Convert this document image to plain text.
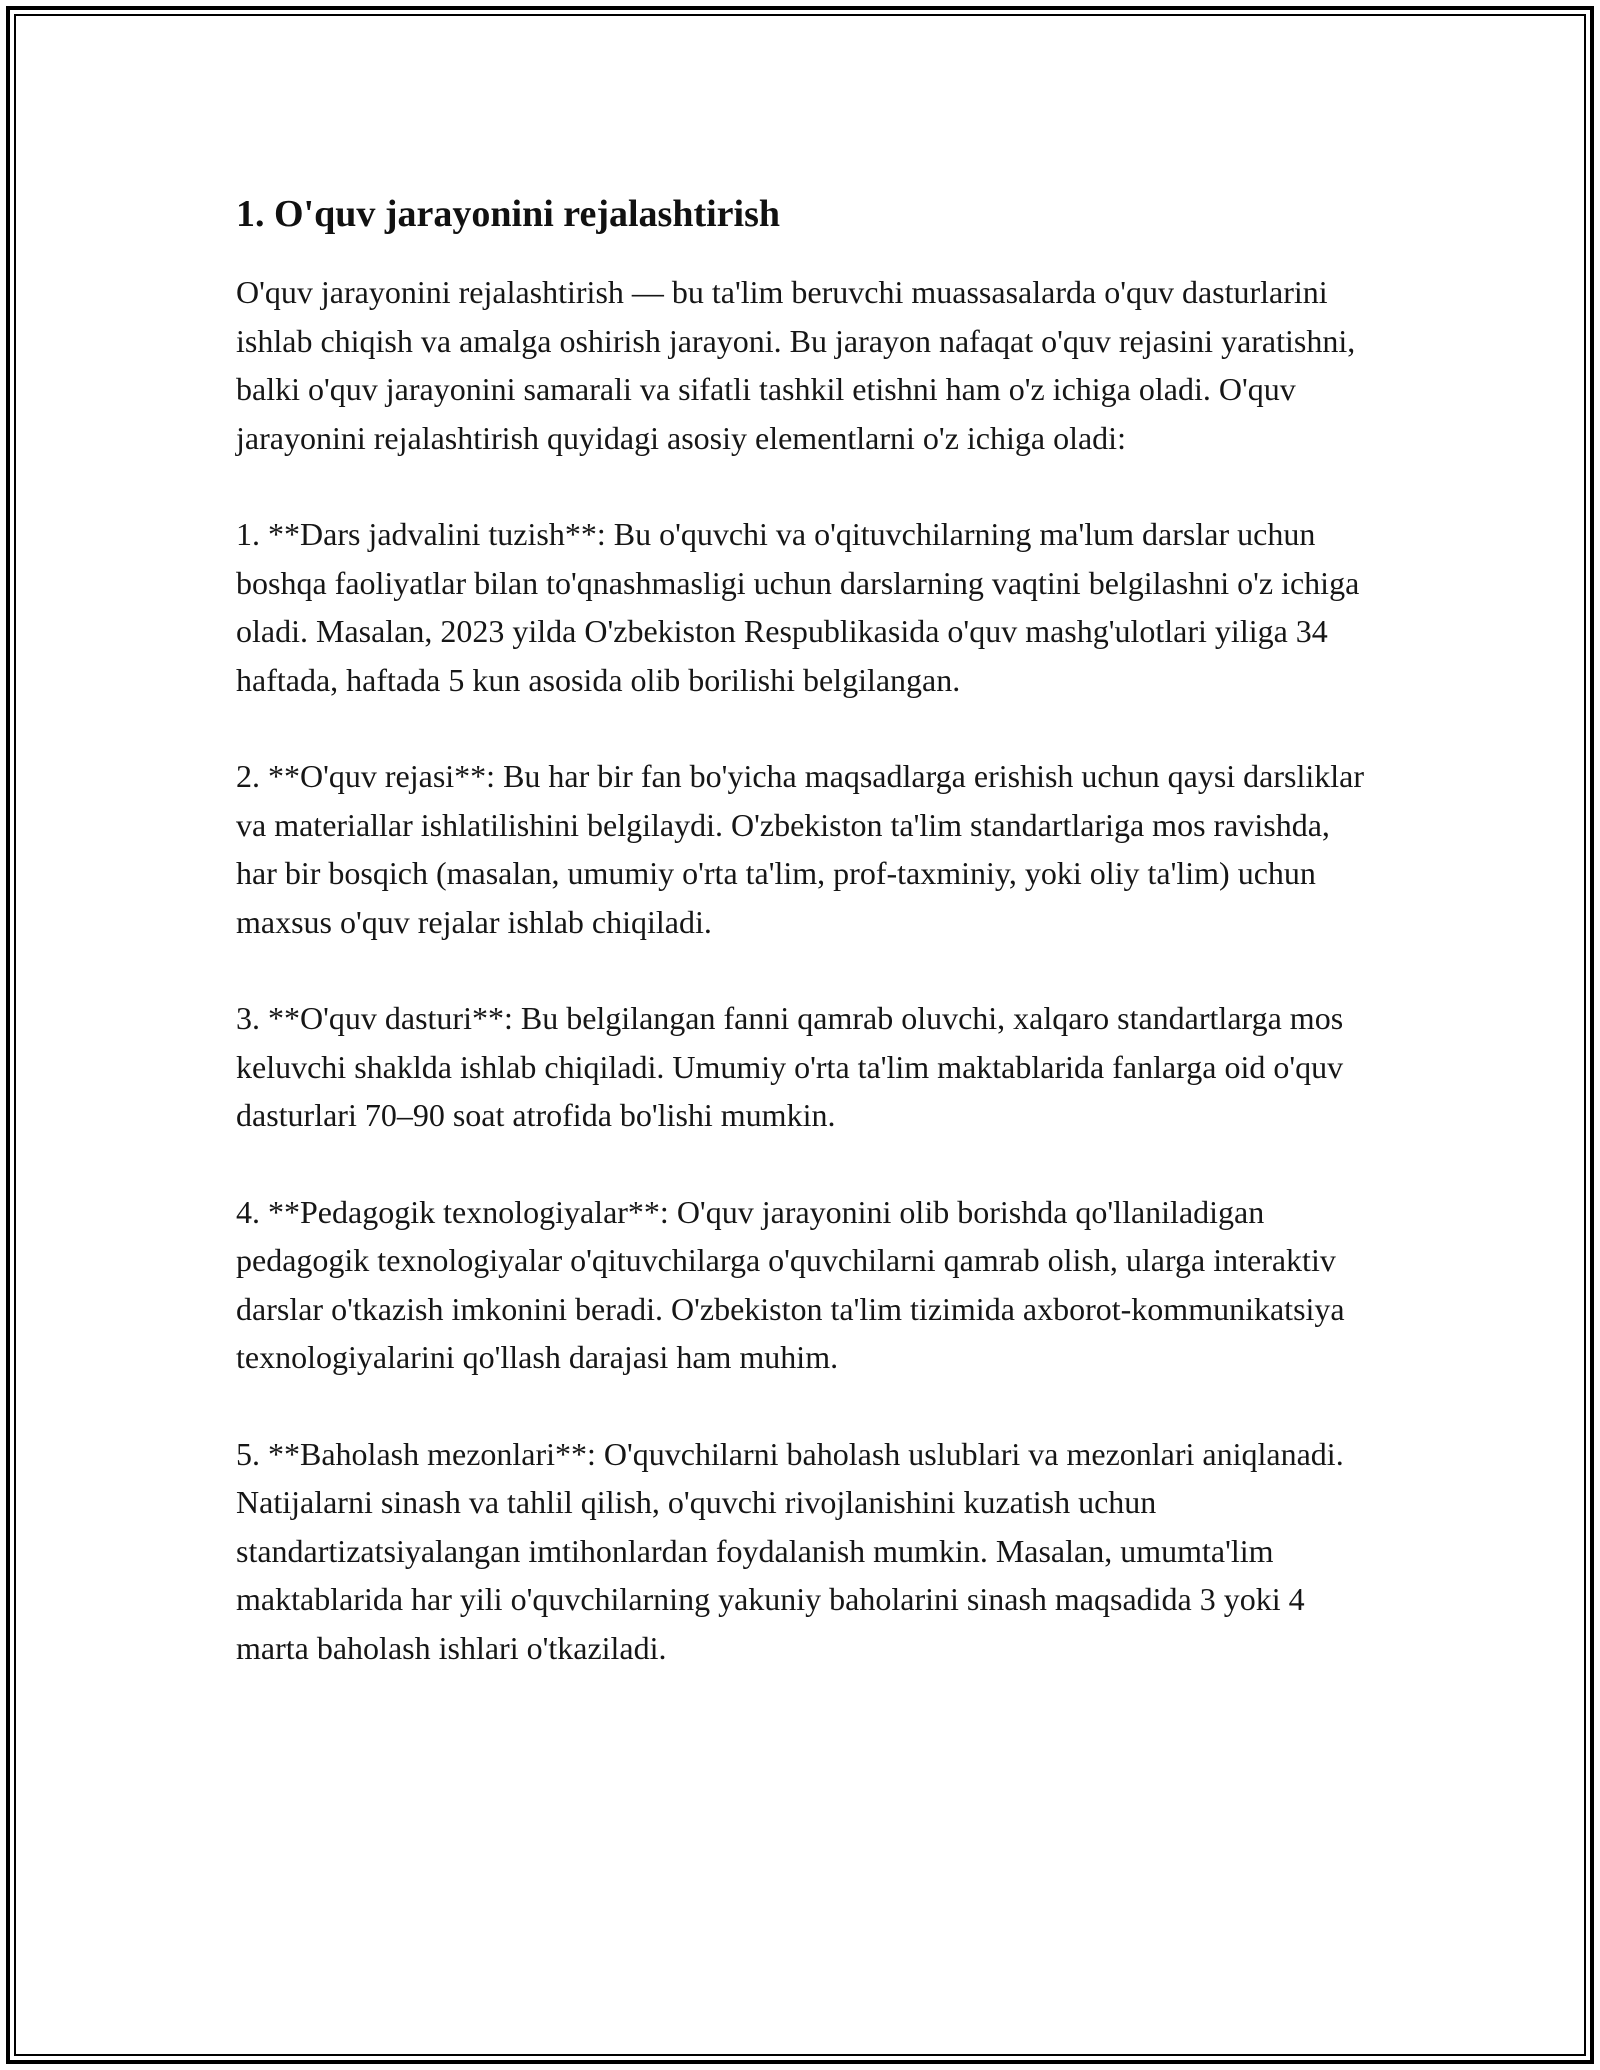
1. O'quv jarayonini rejalashtirish

O'quv jarayonini rejalashtirish — bu ta'lim beruvchi muassasalarda o'quv dasturlarini ishlab chiqish va amalga oshirish jarayoni. Bu jarayon nafaqat o'quv rejasini yaratishni, balki o'quv jarayonini samarali va sifatli tashkil etishni ham o'z ichiga oladi. O'quv jarayonini rejalashtirish quyidagi asosiy elementlarni o'z ichiga oladi:

1. **Dars jadvalini tuzish**: Bu o'quvchi va o'qituvchilarning ma'lum darslar uchun boshqa faoliyatlar bilan to'qnashmasligi uchun darslarning vaqtini belgilashni o'z ichiga oladi. Masalan, 2023 yilda O'zbekiston Respublikasida o'quv mashg'ulotlari yiliga 34 haftada, haftada 5 kun asosida olib borilishi belgilangan.

2. **O'quv rejasi**: Bu har bir fan bo'yicha maqsadlarga erishish uchun qaysi darsliklar va materiallar ishlatilishini belgilaydi. O'zbekiston ta'lim standartlariga mos ravishda, har bir bosqich (masalan, umumiy o'rta ta'lim, prof-taxminiy, yoki oliy ta'lim) uchun maxsus o'quv rejalar ishlab chiqiladi.

3. **O'quv dasturi**: Bu belgilangan fanni qamrab oluvchi, xalqaro standartlarga mos keluvchi shaklda ishlab chiqiladi. Umumiy o'rta ta'lim maktablarida fanlarga oid o'quv dasturlari 70–90 soat atrofida bo'lishi mumkin.

4. **Pedagogik texnologiyalar**: O'quv jarayonini olib borishda qo'llaniladigan pedagogik texnologiyalar o'qituvchilarga o'quvchilarni qamrab olish, ularga interaktiv darslar o'tkazish imkonini beradi. O'zbekiston ta'lim tizimida axborot-kommunikatsiya texnologiyalarini qo'llash darajasi ham muhim.

5. **Baholash mezonlari**: O'quvchilarni baholash uslublari va mezonlari aniqlanadi. Natijalarni sinash va tahlil qilish, o'quvchi rivojlanishini kuzatish uchun standartizatsiyalangan imtihonlardan foydalanish mumkin. Masalan, umumta'lim maktablarida har yili o'quvchilarning yakuniy baholarini sinash maqsadida 3 yoki 4 marta baholash ishlari o'tkaziladi.
